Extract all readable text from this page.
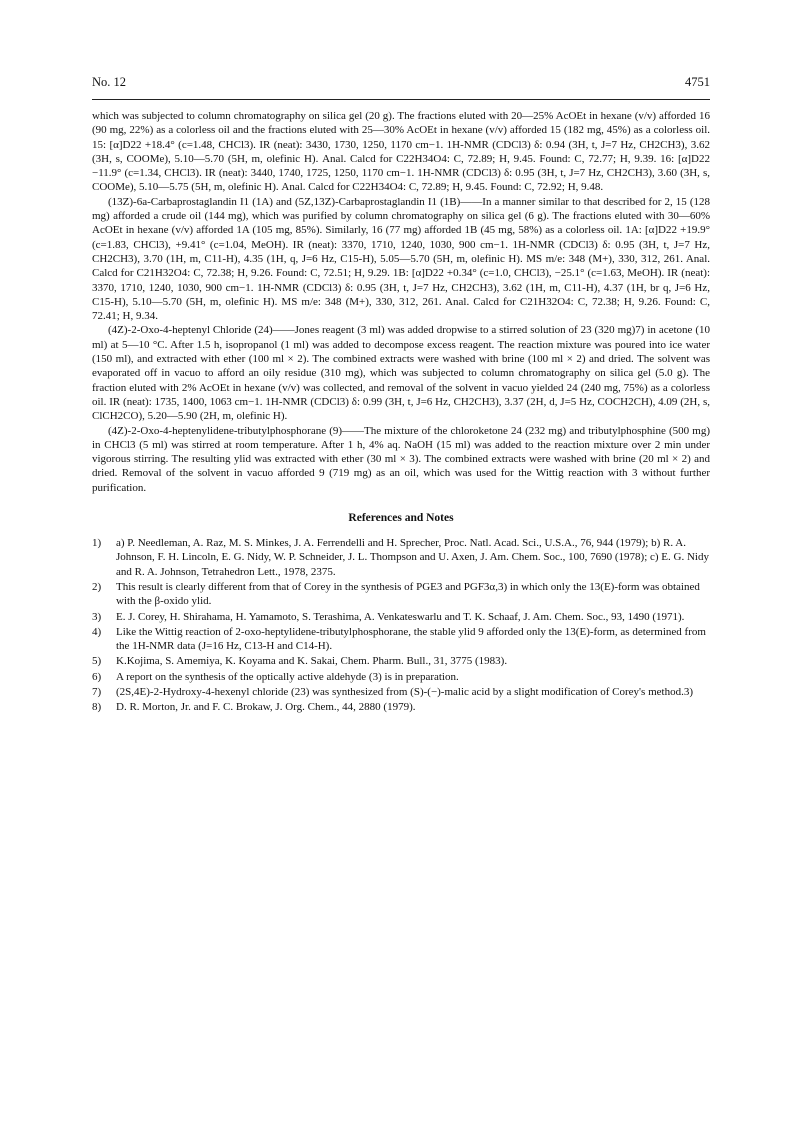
No. 12	4751

which was subjected to column chromatography on silica gel (20 g). The fractions eluted with 20—25% AcOEt in hexane (v/v) afforded 16 (90 mg, 22%) as a colorless oil and the fractions eluted with 25—30% AcOEt in hexane (v/v) afforded 15 (182 mg, 45%) as a colorless oil. 15: [α]D22 +18.4° (c=1.48, CHCl3). IR (neat): 3430, 1730, 1250, 1170 cm−1. 1H-NMR (CDCl3) δ: 0.94 (3H, t, J=7 Hz, CH2CH3), 3.62 (3H, s, COOMe), 5.10—5.70 (5H, m, olefinic H). Anal. Calcd for C22H34O4: C, 72.89; H, 9.45. Found: C, 72.77; H, 9.39. 16: [α]D22 −11.9° (c=1.34, CHCl3). IR (neat): 3440, 1740, 1725, 1250, 1170 cm−1. 1H-NMR (CDCl3) δ: 0.95 (3H, t, J=7 Hz, CH2CH3), 3.60 (3H, s, COOMe), 5.10—5.75 (5H, m, olefinic H). Anal. Calcd for C22H34O4: C, 72.89; H, 9.45. Found: C, 72.92; H, 9.48.

(13Z)-6a-Carbaprostaglandin I1 (1A) and (5Z,13Z)-Carbaprostaglandin I1 (1B)——In a manner similar to that described for 2, 15 (128 mg) afforded a crude oil (144 mg), which was purified by column chromatography on silica gel (6 g). The fractions eluted with 30—60% AcOEt in hexane (v/v) afforded 1A (105 mg, 85%). Similarly, 16 (77 mg) afforded 1B (45 mg, 58%) as a colorless oil. 1A: [α]D22 +19.9° (c=1.83, CHCl3), +9.41° (c=1.04, MeOH). IR (neat): 3370, 1710, 1240, 1030, 900 cm−1. 1H-NMR (CDCl3) δ: 0.95 (3H, t, J=7 Hz, CH2CH3), 3.70 (1H, m, C11-H), 4.35 (1H, q, J=6 Hz, C15-H), 5.05—5.70 (5H, m, olefinic H). MS m/e: 348 (M+), 330, 312, 261. Anal. Calcd for C21H32O4: C, 72.38; H, 9.26. Found: C, 72.51; H, 9.29. 1B: [α]D22 +0.34° (c=1.0, CHCl3), −25.1° (c=1.63, MeOH). IR (neat): 3370, 1710, 1240, 1030, 900 cm−1. 1H-NMR (CDCl3) δ: 0.95 (3H, t, J=7 Hz, CH2CH3), 3.62 (1H, m, C11-H), 4.37 (1H, br q, J=6 Hz, C15-H), 5.10—5.70 (5H, m, olefinic H). MS m/e: 348 (M+), 330, 312, 261. Anal. Calcd for C21H32O4: C, 72.38; H, 9.26. Found: C, 72.41; H, 9.34.

(4Z)-2-Oxo-4-heptenyl Chloride (24)——Jones reagent (3 ml) was added dropwise to a stirred solution of 23 (320 mg)7) in acetone (10 ml) at 5—10 °C. After 1.5 h, isopropanol (1 ml) was added to decompose excess reagent. The reaction mixture was poured into ice water (150 ml), and extracted with ether (100 ml × 2). The combined extracts were washed with brine (100 ml × 2) and dried. The solvent was evaporated off in vacuo to afford an oily residue (310 mg), which was subjected to column chromatography on silica gel (5.0 g). The fraction eluted with 2% AcOEt in hexane (v/v) was collected, and removal of the solvent in vacuo yielded 24 (240 mg, 75%) as a colorless oil. IR (neat): 1735, 1400, 1063 cm−1. 1H-NMR (CDCl3) δ: 0.99 (3H, t, J=6 Hz, CH2CH3), 3.37 (2H, d, J=5 Hz, COCH2CH), 4.09 (2H, s, ClCH2CO), 5.20—5.90 (2H, m, olefinic H).

(4Z)-2-Oxo-4-heptenylidene-tributylphosphorane (9)——The mixture of the chloroketone 24 (232 mg) and tributylphosphine (500 mg) in CHCl3 (5 ml) was stirred at room temperature. After 1 h, 4% aq. NaOH (15 ml) was added to the reaction mixture over 2 min under vigorous stirring. The resulting ylid was extracted with ether (30 ml × 3). The combined extracts were washed with brine (20 ml × 2) and dried. Removal of the solvent in vacuo afforded 9 (719 mg) as an oil, which was used for the Wittig reaction with 3 without further purification.

References and Notes
1)	a) P. Needleman, A. Raz, M. S. Minkes, J. A. Ferrendelli and H. Sprecher, Proc. Natl. Acad. Sci., U.S.A., 76, 944 (1979); b) R. A. Johnson, F. H. Lincoln, E. G. Nidy, W. P. Schneider, J. L. Thompson and U. Axen, J. Am. Chem. Soc., 100, 7690 (1978); c) E. G. Nidy and R. A. Johnson, Tetrahedron Lett., 1978, 2375.
2)	This result is clearly different from that of Corey in the synthesis of PGE3 and PGF3α,3) in which only the 13(E)-form was obtained with the β-oxido ylid.
3)	E. J. Corey, H. Shirahama, H. Yamamoto, S. Terashima, A. Venkateswarlu and T. K. Schaaf, J. Am. Chem. Soc., 93, 1490 (1971).
4)	Like the Wittig reaction of 2-oxo-heptylidene-tributylphosphorane, the stable ylid 9 afforded only the 13(E)-form, as determined from the 1H-NMR data (J=16 Hz, C13-H and C14-H).
5)	K.Kojima, S. Amemiya, K. Koyama and K. Sakai, Chem. Pharm. Bull., 31, 3775 (1983).
6)	A report on the synthesis of the optically active aldehyde (3) is in preparation.
7)	(2S,4E)-2-Hydroxy-4-hexenyl chloride (23) was synthesized from (S)-(−)-malic acid by a slight modification of Corey's method.3)
8)	D. R. Morton, Jr. and F. C. Brokaw, J. Org. Chem., 44, 2880 (1979).
